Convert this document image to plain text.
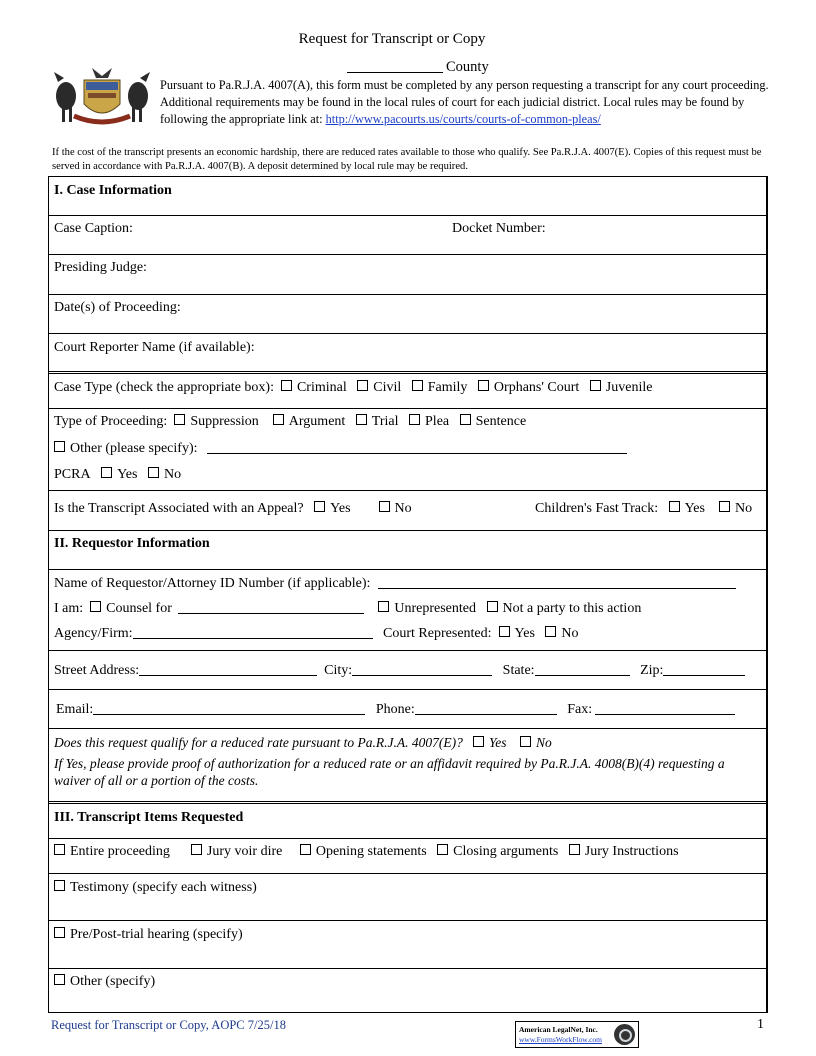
Request for Transcript or Copy
County
Pursuant to Pa.R.J.A. 4007(A), this form must be completed by any person requesting a transcript for any court proceeding. Additional requirements may be found in the local rules of court for each judicial district. Local rules may be found by following the appropriate link at: http://www.pacourts.us/courts/courts-of-common-pleas/
If the cost of the transcript presents an economic hardship, there are reduced rates available to those who qualify. See Pa.R.J.A. 4007(E). Copies of this request must be served in accordance with Pa.R.J.A. 4007(B). A deposit determined by local rule may be required.
I. Case Information
Case Caption:	Docket Number:
Presiding Judge:
Date(s) of Proceeding:
Court Reporter Name (if available):
Case Type (check the appropriate box): Criminal Civil Family Orphans' Court Juvenile
Type of Proceeding: Suppression Argument Trial Plea Sentence
Other (please specify):
PCRA Yes No
Is the Transcript Associated with an Appeal? Yes	No	Children's Fast Track: Yes No
II. Requestor Information
Name of Requestor/Attorney ID Number (if applicable):
I am: Counsel for	Unrepresented Not a party to this action
Agency/Firm:	Court Represented: Yes No
Street Address:	City:	State:	Zip:
Email:	Phone:	Fax:
Does this request qualify for a reduced rate pursuant to Pa.R.J.A. 4007(E)? Yes No
If Yes, please provide proof of authorization for a reduced rate or an affidavit required by Pa.R.J.A. 4008(B)(4) requesting a waiver of all or a portion of the costs.
III. Transcript Items Requested
Entire proceeding	Jury voir dire Opening statements Closing arguments Jury Instructions
Testimony (specify each witness)
Pre/Post-trial hearing (specify)
Other (specify)
Request for Transcript or Copy, AOPC 7/25/18	American LegalNet, Inc.
www.FormsWorkFlow.com
1
